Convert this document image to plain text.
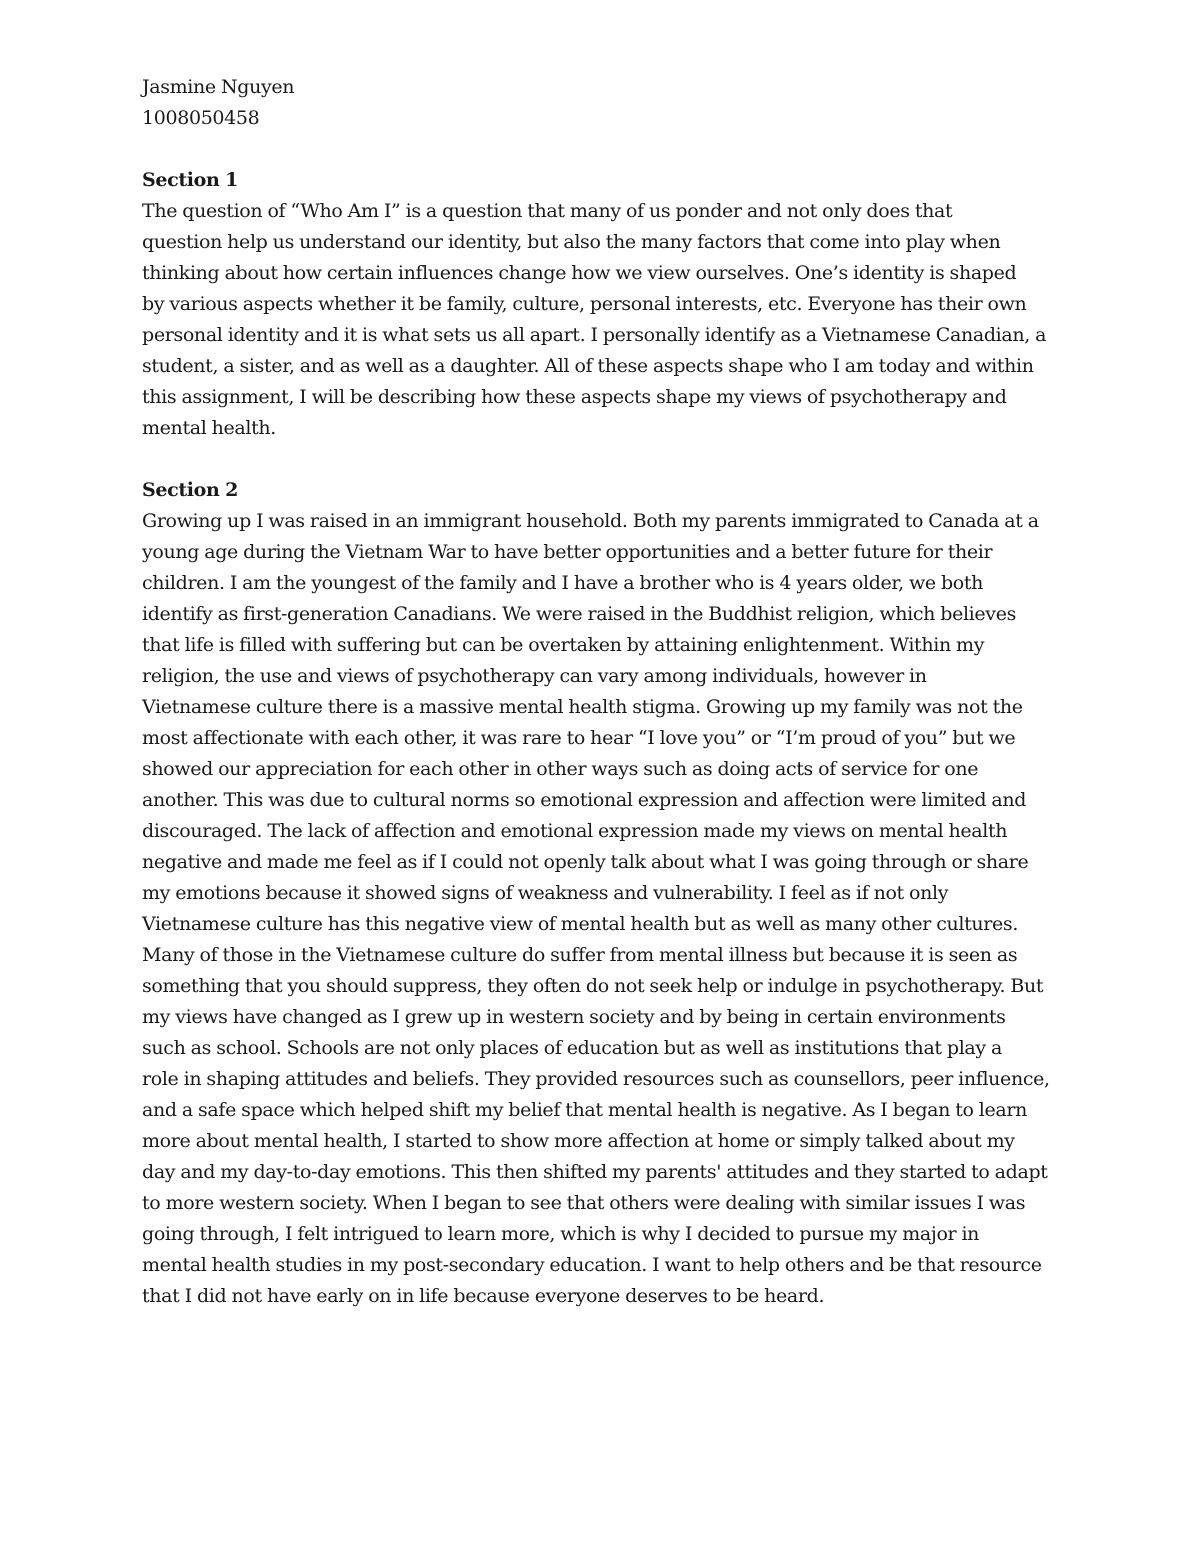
Jasmine Nguyen
1008050458
Section 1
The question of “Who Am I” is a question that many of us ponder and not only does that
question help us understand our identity, but also the many factors that come into play when
thinking about how certain influences change how we view ourselves. One’s identity is shaped
by various aspects whether it be family, culture, personal interests, etc. Everyone has their own
personal identity and it is what sets us all apart. I personally identify as a Vietnamese Canadian, a
student, a sister, and as well as a daughter. All of these aspects shape who I am today and within
this assignment, I will be describing how these aspects shape my views of psychotherapy and
mental health.
Section 2
Growing up I was raised in an immigrant household. Both my parents immigrated to Canada at a
young age during the Vietnam War to have better opportunities and a better future for their
children. I am the youngest of the family and I have a brother who is 4 years older, we both
identify as first-generation Canadians. We were raised in the Buddhist religion, which believes
that life is filled with suffering but can be overtaken by attaining enlightenment. Within my
religion, the use and views of psychotherapy can vary among individuals, however in
Vietnamese culture there is a massive mental health stigma. Growing up my family was not the
most affectionate with each other, it was rare to hear “I love you” or “I’m proud of you” but we
showed our appreciation for each other in other ways such as doing acts of service for one
another. This was due to cultural norms so emotional expression and affection were limited and
discouraged. The lack of affection and emotional expression made my views on mental health
negative and made me feel as if I could not openly talk about what I was going through or share
my emotions because it showed signs of weakness and vulnerability. I feel as if not only
Vietnamese culture has this negative view of mental health but as well as many other cultures.
Many of those in the Vietnamese culture do suffer from mental illness but because it is seen as
something that you should suppress, they often do not seek help or indulge in psychotherapy. But
my views have changed as I grew up in western society and by being in certain environments
such as school. Schools are not only places of education but as well as institutions that play a
role in shaping attitudes and beliefs. They provided resources such as counsellors, peer influence,
and a safe space which helped shift my belief that mental health is negative. As I began to learn
more about mental health, I started to show more affection at home or simply talked about my
day and my day-to-day emotions. This then shifted my parents' attitudes and they started to adapt
to more western society. When I began to see that others were dealing with similar issues I was
going through, I felt intrigued to learn more, which is why I decided to pursue my major in
mental health studies in my post-secondary education. I want to help others and be that resource
that I did not have early on in life because everyone deserves to be heard.
